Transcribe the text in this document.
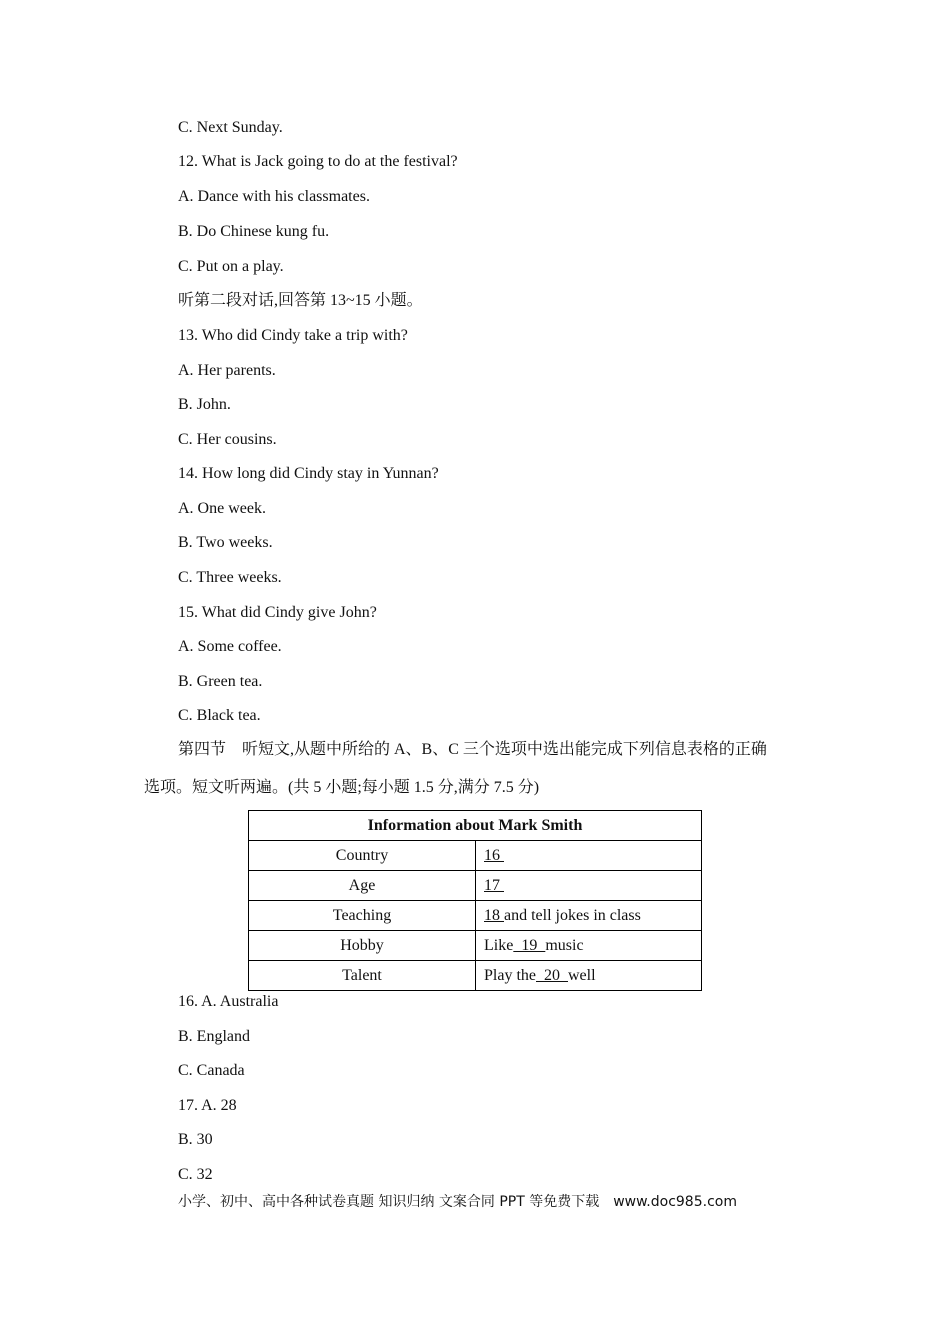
C. Next Sunday.
12. What is Jack going to do at the festival?
A. Dance with his classmates.
B. Do Chinese kung fu.
C. Put on a play.
听第二段对话,回答第 13~15 小题。
13. Who did Cindy take a trip with?
A. Her parents.
B. John.
C. Her cousins.
14. How long did Cindy stay in Yunnan?
A. One week.
B. Two weeks.
C. Three weeks.
15. What did Cindy give John?
A. Some coffee.
B. Green tea.
C. Black tea.
第四节　听短文,从题中所给的 A、B、C 三个选项中选出能完成下列信息表格的正确
选项。短文听两遍。(共 5 小题;每小题 1.5 分,满分 7.5 分)
Information about Mark Smith	
Country	16
Age	17
Teaching	18 and tell jokes in class
Hobby	Like  19  music
Talent	Play the  20  well
16. A. Australia
B. England
C. Canada
17. A. 28
B. 30
C. 32
小学、初中、高中各种试卷真题 知识归纳 文案合同 PPT 等免费下载　www.doc985.com
